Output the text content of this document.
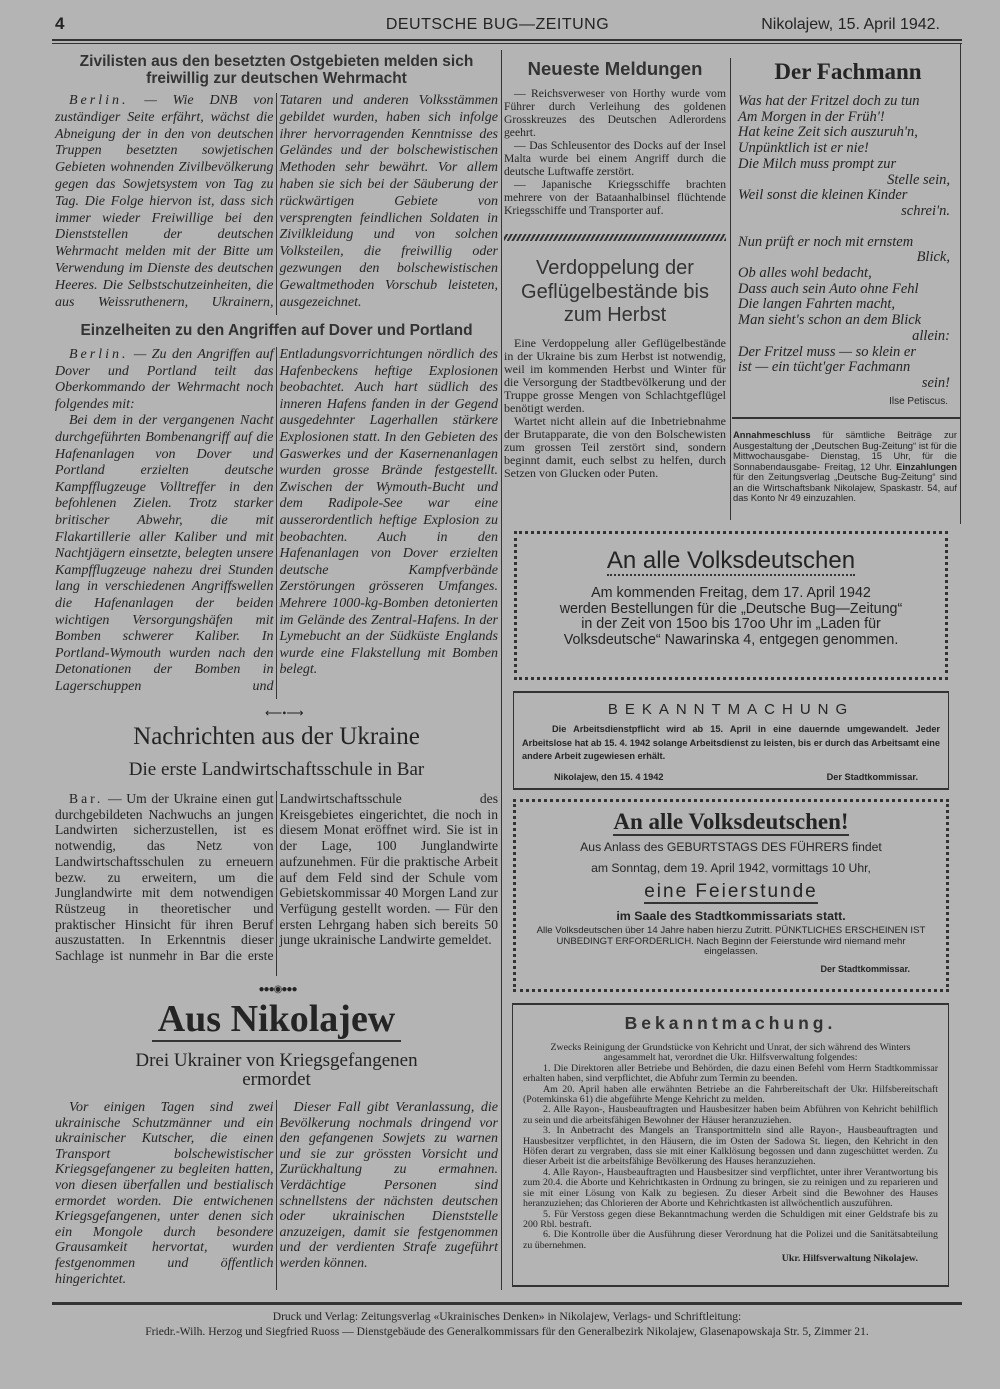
4	DEUTSCHE BUG—ZEITUNG	Nikolajew, 15. April 1942.
Zivilisten aus den besetzten Ostgebieten melden sich freiwillig zur deutschen Wehrmacht

Berlin. — Wie DNB von zuständiger Seite erfährt, wächst die Abneigung der in den von deutschen Truppen besetzten sowjetischen Gebieten wohnenden Zivilbevölkerung gegen das Sowjetsystem von Tag zu Tag. Die Folge hiervon ist, dass sich immer wieder Freiwillige bei den Dienststellen der deutschen Wehrmacht melden mit der Bitte um Verwendung im Dienste des deutschen Heeres. Die Selbstschutzeinheiten, die aus Weissruthenern, Ukrainern, Tataren und anderen Volksstämmen gebildet wurden, haben sich infolge ihrer hervorragenden Kenntnisse des Geländes und der bolschewistischen Methoden sehr bewährt. Vor allem haben sie sich bei der Säuberung der rückwärtigen Gebiete von versprengten feindlichen Soldaten in Zivilkleidung und von solchen Volksteilen, die freiwillig oder gezwungen den bolschewistischen Gewaltmethoden Vorschub leisteten, ausgezeichnet.

Einzelheiten zu den Angriffen auf Dover und Portland

Berlin. — Zu den Angriffen auf Dover und Portland teilt das Oberkommando der Wehrmacht noch folgendes mit:

Bei dem in der vergangenen Nacht durchgeführten Bombenangriff auf die Hafenanlagen von Dover und Portland erzielten deutsche Kampfflugzeuge Volltreffer in den befohlenen Zielen. Trotz starker britischer Abwehr, die mit Flakartillerie aller Kaliber und mit Nachtjägern einsetzte, belegten unsere Kampfflugzeuge nahezu drei Stunden lang in verschiedenen Angriffswellen die Hafenanlagen der beiden wichtigen Versorgungshäfen mit Bomben schwerer Kaliber. In Portland-Wymouth wurden nach den Detonationen der Bomben in Lagerschuppen und Entladungsvorrichtungen nördlich des Hafenbeckens heftige Explosionen beobachtet. Auch hart südlich des inneren Hafens fanden in der Gegend ausgedehnter Lagerhallen stärkere Explosionen statt. In den Gebieten des Gaswerkes und der Kasernenanlagen wurden grosse Brände festgestellt. Zwischen der Wymouth-Bucht und dem Radipole-See war eine ausserordentlich heftige Explosion zu beobachten. Auch in den Hafenanlagen von Dover erzielten deutsche Kampfverbände Zerstörungen grösseren Umfanges. Mehrere 1000-kg-Bomben detonierten im Gelände des Zentral-Hafens. In der Lymebucht an der Südküste Englands wurde eine Flakstellung mit Bomben belegt.

⟵•⟶
Nachrichten aus der Ukraine
Die erste Landwirtschaftsschule in Bar

Bar. — Um der Ukraine einen gut durchgebildeten Nachwuchs an jungen Landwirten sicherzustellen, ist es notwendig, das Netz von Landwirtschaftsschulen zu erneuern bezw. zu erweitern, um die Junglandwirte mit dem notwendigen Rüstzeug in theoretischer und praktischer Hinsicht für ihren Beruf auszustatten. In Erkenntnis dieser Sachlage ist nunmehr in Bar die erste Landwirtschaftsschule des Kreisgebietes eingerichtet, die noch in diesem Monat eröffnet wird. Sie ist in der Lage, 100 Junglandwirte aufzunehmen. Für die praktische Arbeit auf dem Feld sind der Schule vom Gebietskommissar 40 Morgen Land zur Verfügung gestellt worden. — Für den ersten Lehrgang haben sich bereits 50 junge ukrainische Landwirte gemeldet.

●●●◉●●●
Aus Nikolajew
Drei Ukrainer von Kriegsgefangenen ermordet

Vor einigen Tagen sind zwei ukrainische Schutzmänner und ein ukrainischer Kutscher, die einen Transport bolschewistischer Kriegsgefangener zu begleiten hatten, von diesen überfallen und bestialisch ermordet worden. Die entwichenen Kriegsgefangenen, unter denen sich ein Mongole durch besondere Grausamkeit hervortat, wurden festgenommen und öffentlich hingerichtet.

Dieser Fall gibt Veranlassung, die Bevölkerung nochmals dringend vor den gefangenen Sowjets zu warnen und sie zur grössten Vorsicht und Zurückhaltung zu ermahnen. Verdächtige Personen sind schnellstens der nächsten deutschen oder ukrainischen Dienststelle anzuzeigen, damit sie festgenommen und der verdienten Strafe zugeführt werden können.

Neueste Meldungen

— Reichsverweser von Horthy wurde vom Führer durch Verleihung des goldenen Grosskreuzes des Deutschen Adlerordens geehrt.

— Das Schleusentor des Docks auf der Insel Malta wurde bei einem Angriff durch die deutsche Luftwaffe zerstört.

— Japanische Kriegsschiffe brachten mehrere von der Bataanhalbinsel flüchtende Kriegsschiffe und Transporter auf.

Verdoppelung der Geflügelbestände bis zum Herbst

Eine Verdoppelung aller Geflügelbestände in der Ukraine bis zum Herbst ist notwendig, weil im kommenden Herbst und Winter für die Versorgung der Stadtbevölkerung und der Truppe grosse Mengen von Schlachtgeflügel benötigt werden.

Wartet nicht allein auf die Inbetriebnahme der Brutapparate, die von den Bolschewisten zum grossen Teil zerstört sind, sondern beginnt damit, euch selbst zu helfen, durch Setzen von Glucken oder Puten.

Der Fachmann
Was hat der Fritzel doch zu tun
Am Morgen in der Früh'!
Hat keine Zeit sich auszuruh'n,
Unpünktlich ist er nie!
Die Milch muss prompt zur
Stelle sein,
Weil sonst die kleinen Kinder
schrei'n.
Nun prüft er noch mit ernstem
Blick,
Ob alles wohl bedacht,
Dass auch sein Auto ohne Fehl
Die langen Fahrten macht,
Man sieht's schon an dem Blick
allein:
Der Fritzel muss — so klein er
ist — ein tücht'ger Fachmann
sein!
Ilse Petiscus.
Annahmeschluss für sämtliche Beiträge zur Ausgestaltung der „Deutschen Bug-Zeitung“ ist für die Mittwochausgabe- Dienstag, 15 Uhr, für die Sonnabendausgabe- Freitag, 12 Uhr. Einzahlungen für den Zeitungsverlag „Deutsche Bug-Zeitung“ sind an die Wirtschaftsbank Nikolajew, Spaskastr. 54, auf das Konto Nr 49 einzuzahlen.
An alle Volksdeutschen
Am kommenden Freitag, dem 17. April 1942
werden Bestellungen für die „Deutsche Bug—Zeitung“
in der Zeit von 15oo bis 17oo Uhr im „Laden für
Volksdeutsche“ Nawarinska 4, entgegen genommen.
BEKANNTMACHUNG
Die Arbeitsdienstpflicht wird ab 15. April in eine dauernde umgewandelt. Jeder Arbeitslose hat ab 15. 4. 1942 solange Arbeitsdienst zu leisten, bis er durch das Arbeitsamt eine andere Arbeit zugewiesen erhält.
Nikolajew, den 15. 4 1942	Der Stadtkommissar.
An alle Volksdeutschen!
Aus Anlass des GEBURTSTAGS DES FÜHRERS findet
am Sonntag, dem 19. April 1942, vormittags 10 Uhr,
eine Feierstunde
im Saale des Stadtkommissariats statt.
Alle Volksdeutschen über 14 Jahre haben hierzu Zutritt. PÜNKTLICHES ERSCHEINEN IST UNBEDINGT ERFORDERLICH. Nach Beginn der Feierstunde wird niemand mehr eingelassen.
Der Stadtkommissar.
Bekanntmachung.

Zwecks Reinigung der Grundstücke von Kehricht und Unrat, der sich während des Winters angesammelt hat, verordnet die Ukr. Hilfsverwaltung folgendes:

1. Die Direktoren aller Betriebe und Behörden, die dazu einen Befehl vom Herrn Stadtkommissar erhalten haben, sind verpflichtet, die Abfuhr zum Termin zu beenden.

Am 20. April haben alle erwähnten Betriebe an die Fahrbereitschaft der Ukr. Hilfsbereitschaft (Potemkinska 61) die abgeführte Menge Kehricht zu melden.

2. Alle Rayon-, Hausbeauftragten und Hausbesitzer haben beim Abführen von Kehricht behilflich zu sein und die arbeitsfähigen Bewohner der Häuser heranzuziehen.

3. In Anbetracht des Mangels an Transportmitteln sind alle Rayon-, Hausbeauftragten und Hausbesitzer verpflichtet, in den Häusern, die im Osten der Sadowa St. liegen, den Kehricht in den Höfen derart zu vergraben, dass sie mit einer Kalklösung begossen und dann zugeschüttet werden. Zu dieser Arbeit ist die arbeitsfähige Bevölkerung des Hauses heranzuziehen.

4. Alle Rayon-, Hausbeauftragten und Hausbesitzer sind verpflichtet, unter ihrer Verantwortung bis zum 20.4. die Aborte und Kehrichtkasten in Ordnung zu bringen, sie zu reinigen und zu reparieren und sie mit einer Lösung von Kalk zu begiesen. Zu dieser Arbeit sind die Bewohner des Hauses heranzuziehen; das Chlorieren der Aborte und Kehrichtkasten ist allwöchentlich auszuführen.

5. Für Verstoss gegen diese Bekanntmachung werden die Schuldigen mit einer Geldstrafe bis zu 200 Rbl. bestraft.

6. Die Kontrolle über die Ausführung dieser Verordnung hat die Polizei und die Sanitätsabteilung zu übernehmen.

Ukr. Hilfsverwaltung Nikolajew.

Druck und Verlag: Zeitungsverlag «Ukrainisches Denken» in Nikolajew, Verlags- und Schriftleitung:
Friedr.-Wilh. Herzog und Siegfried Ruoss — Dienstgebäude des Generalkommissars für den Generalbezirk Nikolajew, Glasenapowskaja Str. 5, Zimmer 21.
